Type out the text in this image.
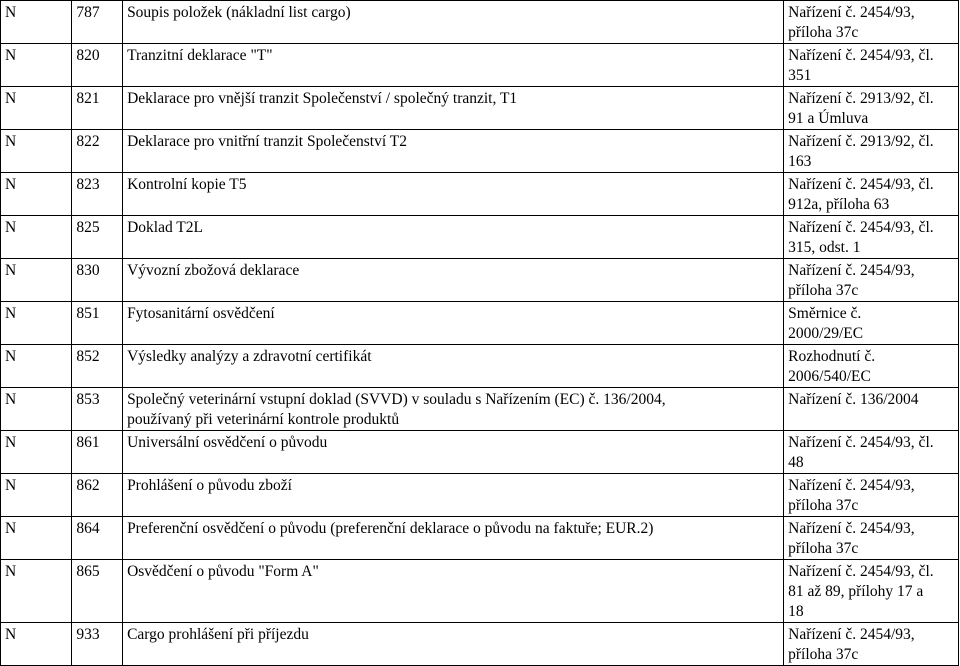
N	787	Soupis položek (nákladní list cargo)	Nařízení č. 2454/93,
příloha 37c

N	820	Tranzitní deklarace "T"	Nařízení č. 2454/93, čl.
351

N	821	Deklarace pro vnější tranzit Společenství / společný tranzit, T1	Nařízení č. 2913/92, čl.
91 a Úmluva

N	822	Deklarace pro vnitřní tranzit Společenství T2	Nařízení č. 2913/92, čl.
163

N	823	Kontrolní kopie T5	Nařízení č. 2454/93, čl.
912a, příloha 63

N	825	Doklad T2L	Nařízení č. 2454/93, čl.
315, odst. 1

N	830	Vývozní zbožová deklarace	Nařízení č. 2454/93,
příloha 37c

N	851	Fytosanitární osvědčení	Směrnice č.
2000/29/EC

N	852	Výsledky analýzy a zdravotní certifikát	Rozhodnutí č.
2006/540/EC

N	853	Společný veterinární vstupní doklad (SVVD) v souladu s Nařízením (EC) č. 136/2004,
používaný při veterinární kontrole produktů	Nařízení č. 136/2004

N	861	Universální osvědčení o původu	Nařízení č. 2454/93, čl.
48

N	862	Prohlášení o původu zboží	Nařízení č. 2454/93,
příloha 37c

N	864	Preferenční osvědčení o původu (preferenční deklarace o původu na faktuře; EUR.2)	Nařízení č. 2454/93,
příloha 37c

N	865	Osvědčení o původu "Form A"	Nařízení č. 2454/93, čl.
81 až 89, přílohy 17 a
18

N	933	Cargo prohlášení při příjezdu	Nařízení č. 2454/93,
příloha 37c
